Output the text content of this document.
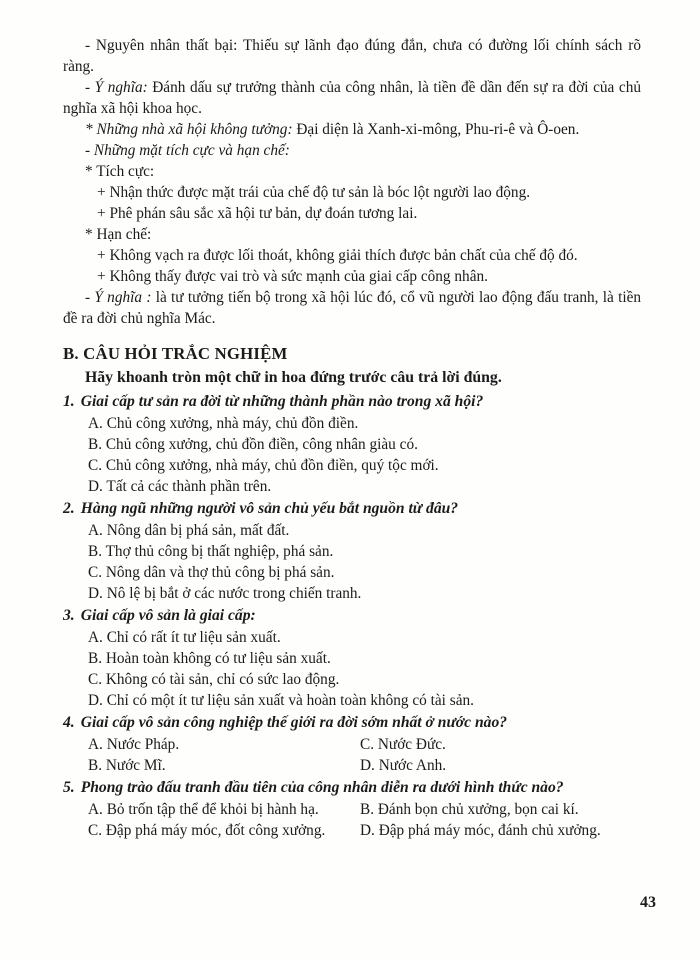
- Nguyên nhân thất bại: Thiếu sự lãnh đạo đúng đắn, chưa có đường lối chính sách rõ ràng.

- Ý nghĩa: Đánh dấu sự trưởng thành của công nhân, là tiền đề dần đến sự ra đời của chủ nghĩa xã hội khoa học.

* Những nhà xã hội không tưởng: Đại diện là Xanh-xi-mông, Phu-ri-ê và Ô-oen.

- Những mặt tích cực và hạn chế:

* Tích cực:

+ Nhận thức được mặt trái của chế độ tư sản là bóc lột người lao động.

+ Phê phán sâu sắc xã hội tư bản, dự đoán tương lai.

* Hạn chế:

+ Không vạch ra được lối thoát, không giải thích được bản chất của chế độ đó.

+ Không thấy được vai trò và sức mạnh của giai cấp công nhân.

- Ý nghĩa : là tư tưởng tiến bộ trong xã hội lúc đó, cổ vũ người lao động đấu tranh, là tiền đề ra đời chủ nghĩa Mác.

B. CÂU HỎI TRẮC NGHIỆM

Hãy khoanh tròn một chữ in hoa đứng trước câu trả lời đúng.

1. Giai cấp tư sản ra đời từ những thành phần nào trong xã hội?

A. Chủ công xưởng, nhà máy, chủ đồn điền.
B. Chủ công xưởng, chủ đồn điền, công nhân giàu có.
C. Chủ công xưởng, nhà máy, chủ đồn điền, quý tộc mới.
D. Tất cả các thành phần trên.

2. Hàng ngũ những người vô sản chủ yếu bắt nguồn từ đâu?

A. Nông dân bị phá sản, mất đất.
B. Thợ thủ công bị thất nghiệp, phá sản.
C. Nông dân và thợ thủ công bị phá sản.
D. Nô lệ bị bắt ở các nước trong chiến tranh.

3. Giai cấp vô sản là giai cấp:

A. Chỉ có rất ít tư liệu sản xuất.
B. Hoàn toàn không có tư liệu sản xuất.
C. Không có tài sản, chỉ có sức lao động.
D. Chỉ có một ít tư liệu sản xuất và hoàn toàn không có tài sản.

4. Giai cấp vô sản công nghiệp thế giới ra đời sớm nhất ở nước nào?

A. Nước Pháp.	C. Nước Đức.
B. Nước Mĩ.	D. Nước Anh.

5. Phong trào đấu tranh đầu tiên của công nhân diễn ra dưới hình thức nào?

A. Bỏ trốn tập thể để khỏi bị hành hạ.	B. Đánh bọn chủ xưởng, bọn cai kí.
C. Đập phá máy móc, đốt công xưởng.	D. Đập phá máy móc, đánh chủ xưởng.
43
